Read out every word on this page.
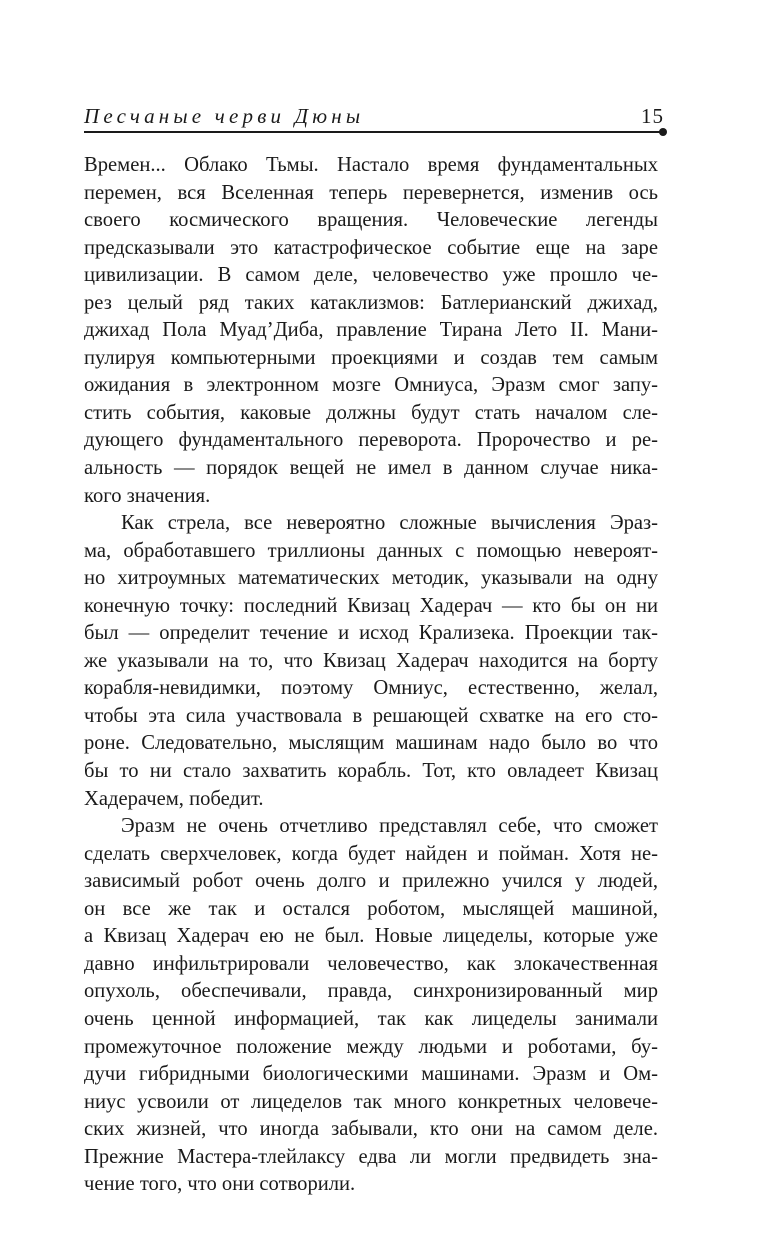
Песчаные черви Дюны	15
Времен... Облако Тьмы. Настало время фундаментальных
перемен, вся Вселенная теперь перевернется, изменив ось
своего космического вращения. Человеческие легенды
предсказывали это катастрофическое событие еще на заре
цивилизации. В самом деле, человечество уже прошло че-
рез целый ряд таких катаклизмов: Батлерианский джихад,
джихад Пола Муад’Диба, правление Тирана Лето II. Мани-
пулируя компьютерными проекциями и создав тем самым
ожидания в электронном мозге Омниуса, Эразм смог запу-
стить события, каковые должны будут стать началом сле-
дующего фундаментального переворота. Пророчество и ре-
альность — порядок вещей не имел в данном случае ника-
кого значения.
Как стрела, все невероятно сложные вычисления Эраз-
ма, обработавшего триллионы данных с помощью невероят-
но хитроумных математических методик, указывали на одну
конечную точку: последний Квизац Хадерач — кто бы он ни
был — определит течение и исход Крализека. Проекции так-
же указывали на то, что Квизац Хадерач находится на борту
корабля-невидимки, поэтому Омниус, естественно, желал,
чтобы эта сила участвовала в решающей схватке на его сто-
роне. Следовательно, мыслящим машинам надо было во что
бы то ни стало захватить корабль. Тот, кто овладеет Квизац
Хадерачем, победит.
Эразм не очень отчетливо представлял себе, что сможет
сделать сверхчеловек, когда будет найден и пойман. Хотя не-
зависимый робот очень долго и прилежно учился у людей,
он все же так и остался роботом, мыслящей машиной,
а Квизац Хадерач ею не был. Новые лицеделы, которые уже
давно инфильтрировали человечество, как злокачественная
опухоль, обеспечивали, правда, синхронизированный мир
очень ценной информацией, так как лицеделы занимали
промежуточное положение между людьми и роботами, бу-
дучи гибридными биологическими машинами. Эразм и Ом-
ниус усвоили от лицеделов так много конкретных человече-
ских жизней, что иногда забывали, кто они на самом деле.
Прежние Мастера-тлейлаксу едва ли могли предвидеть зна-
чение того, что они сотворили.
